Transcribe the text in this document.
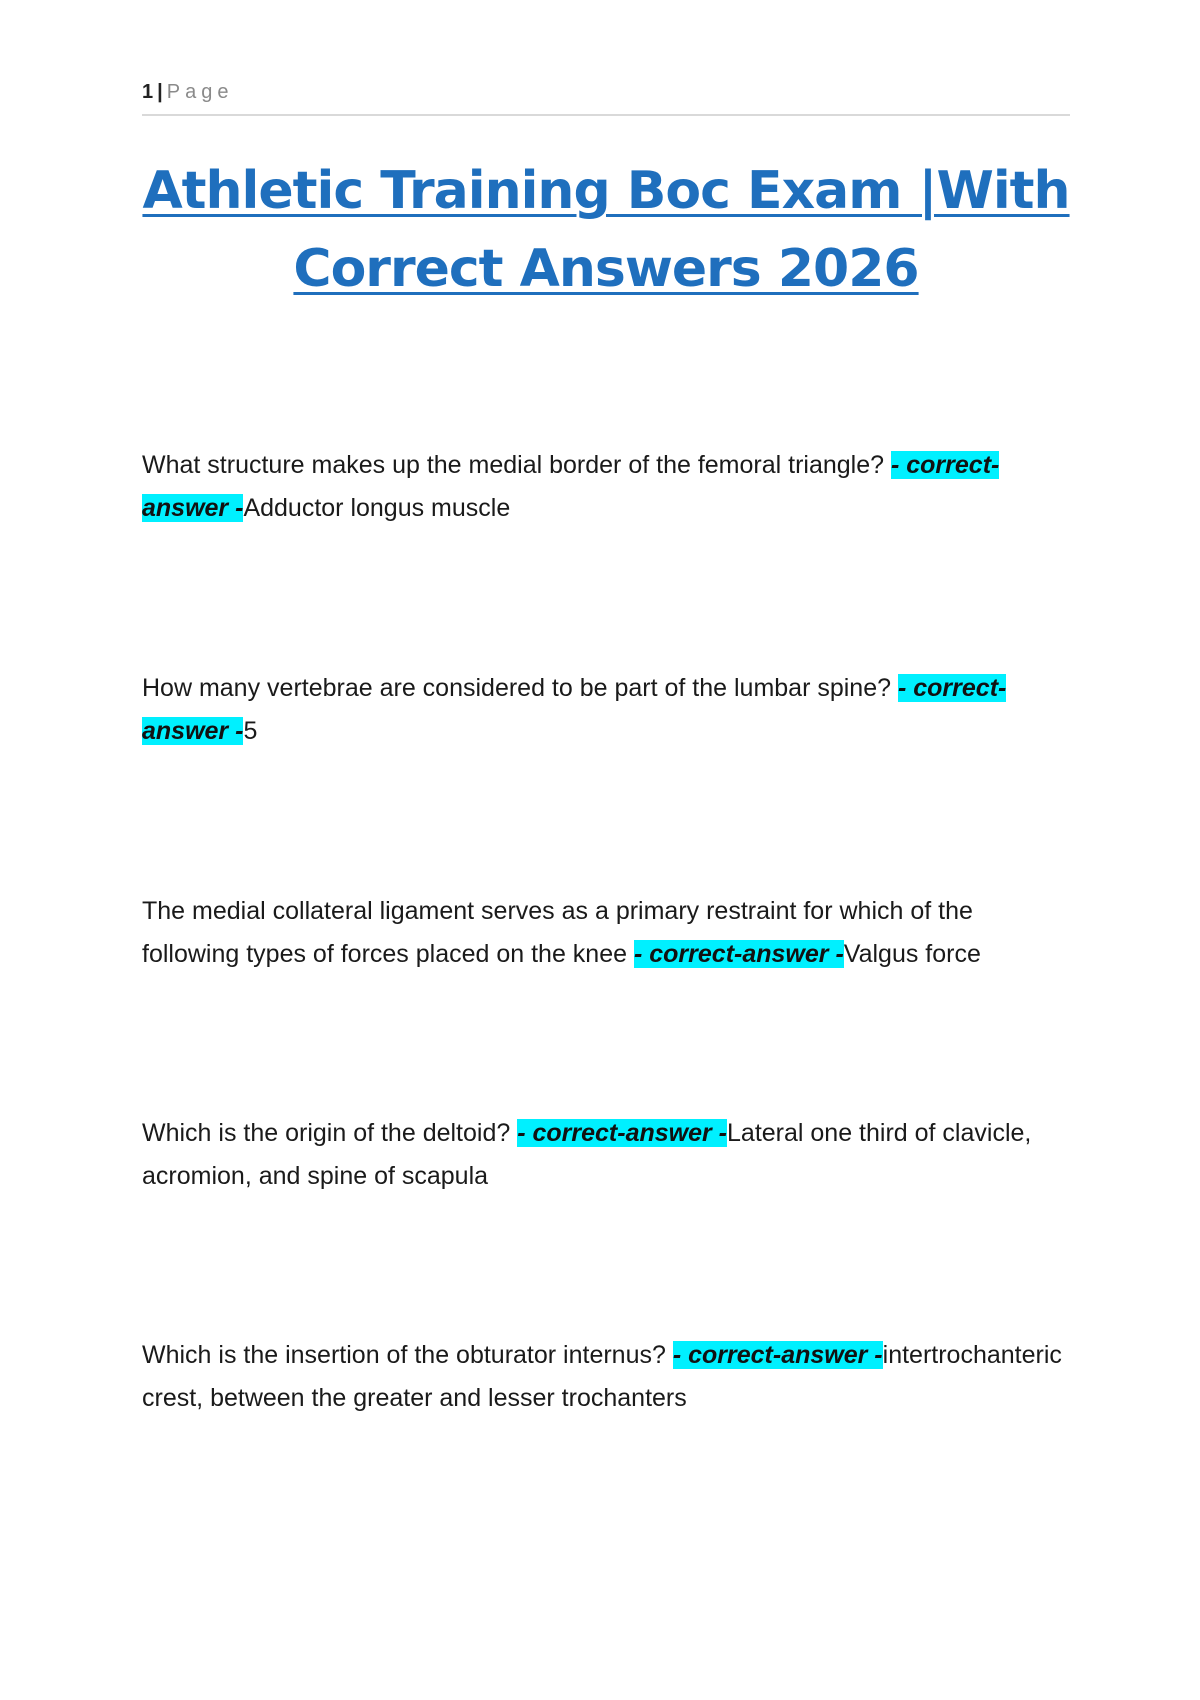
1 | Page
Athletic Training Boc Exam |With
Correct Answers 2026
What structure makes up the medial border of the femoral triangle? - correct-answer -Adductor longus muscle
How many vertebrae are considered to be part of the lumbar spine? - correct-answer -5
The medial collateral ligament serves as a primary restraint for which of the following types of forces placed on the knee - correct-answer -Valgus force
Which is the origin of the deltoid? - correct-answer -Lateral one third of clavicle, acromion, and spine of scapula
Which is the insertion of the obturator internus? - correct-answer -intertrochanteric crest, between the greater and lesser trochanters
